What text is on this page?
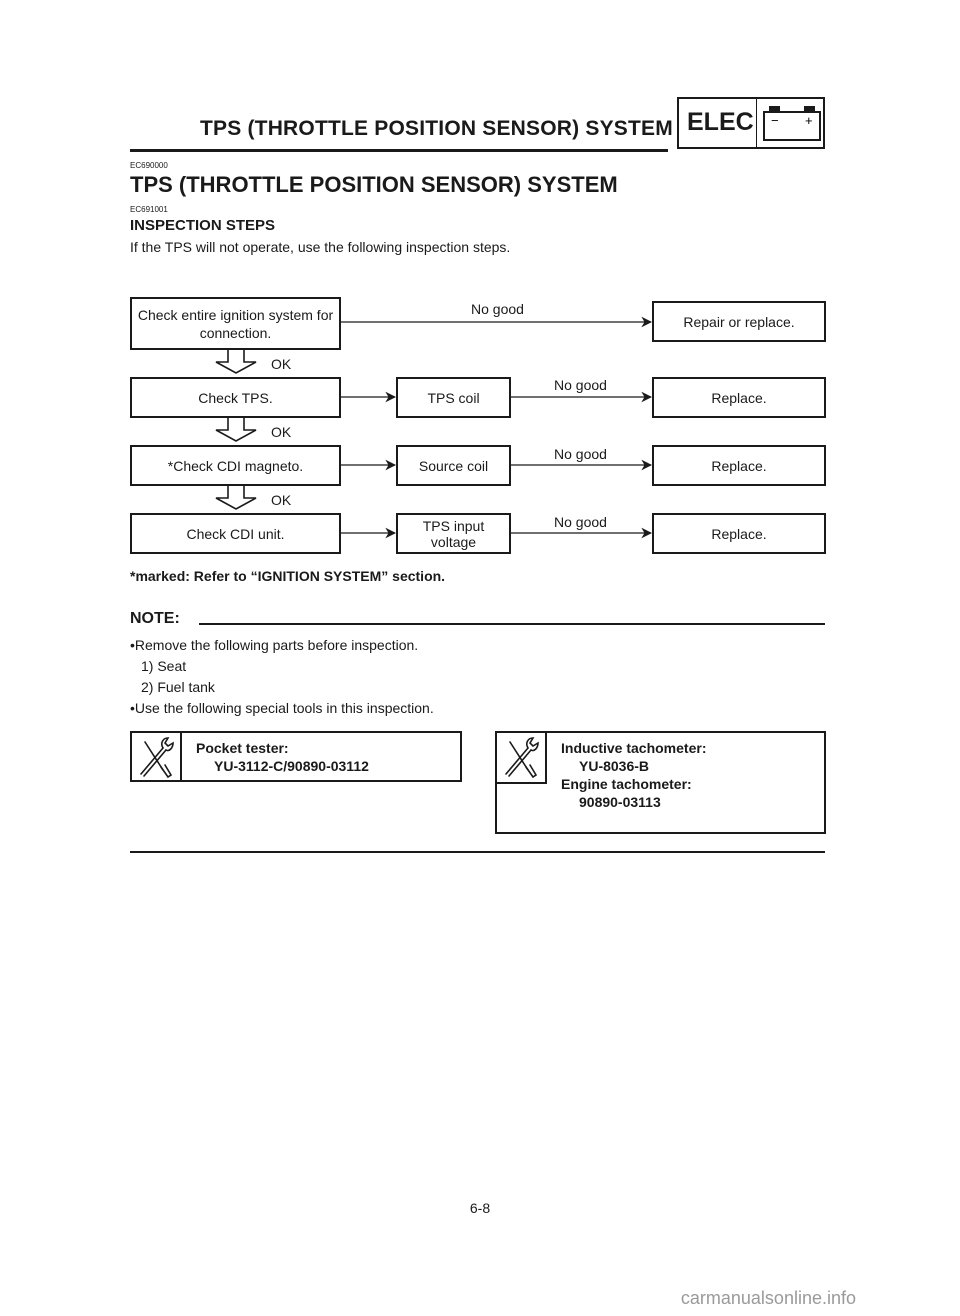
TPS (THROTTLE POSITION SENSOR) SYSTEM ELEC − +
EC690000
TPS (THROTTLE POSITION SENSOR) SYSTEM
EC691001
INSPECTION STEPS
If the TPS will not operate, use the following inspection steps.
Check entire ignition system for connection.
Check TPS.
*Check CDI magneto.
Check CDI unit.
TPS coil
Source coil
TPS input voltage
Repair or replace.
Replace.
Replace.
Replace.
No good
No good
No good
No good
OK
OK
OK
*marked: Refer to “IGNITION SYSTEM” section.
NOTE:
•Remove the following parts before inspection.
1) Seat
2) Fuel tank
•Use the following special tools in this inspection.
Pocket tester:
YU-3112-C/90890-03112
Inductive tachometer:
YU-8036-B
Engine tachometer:
90890-03113
6-8
carmanualsonline.info
